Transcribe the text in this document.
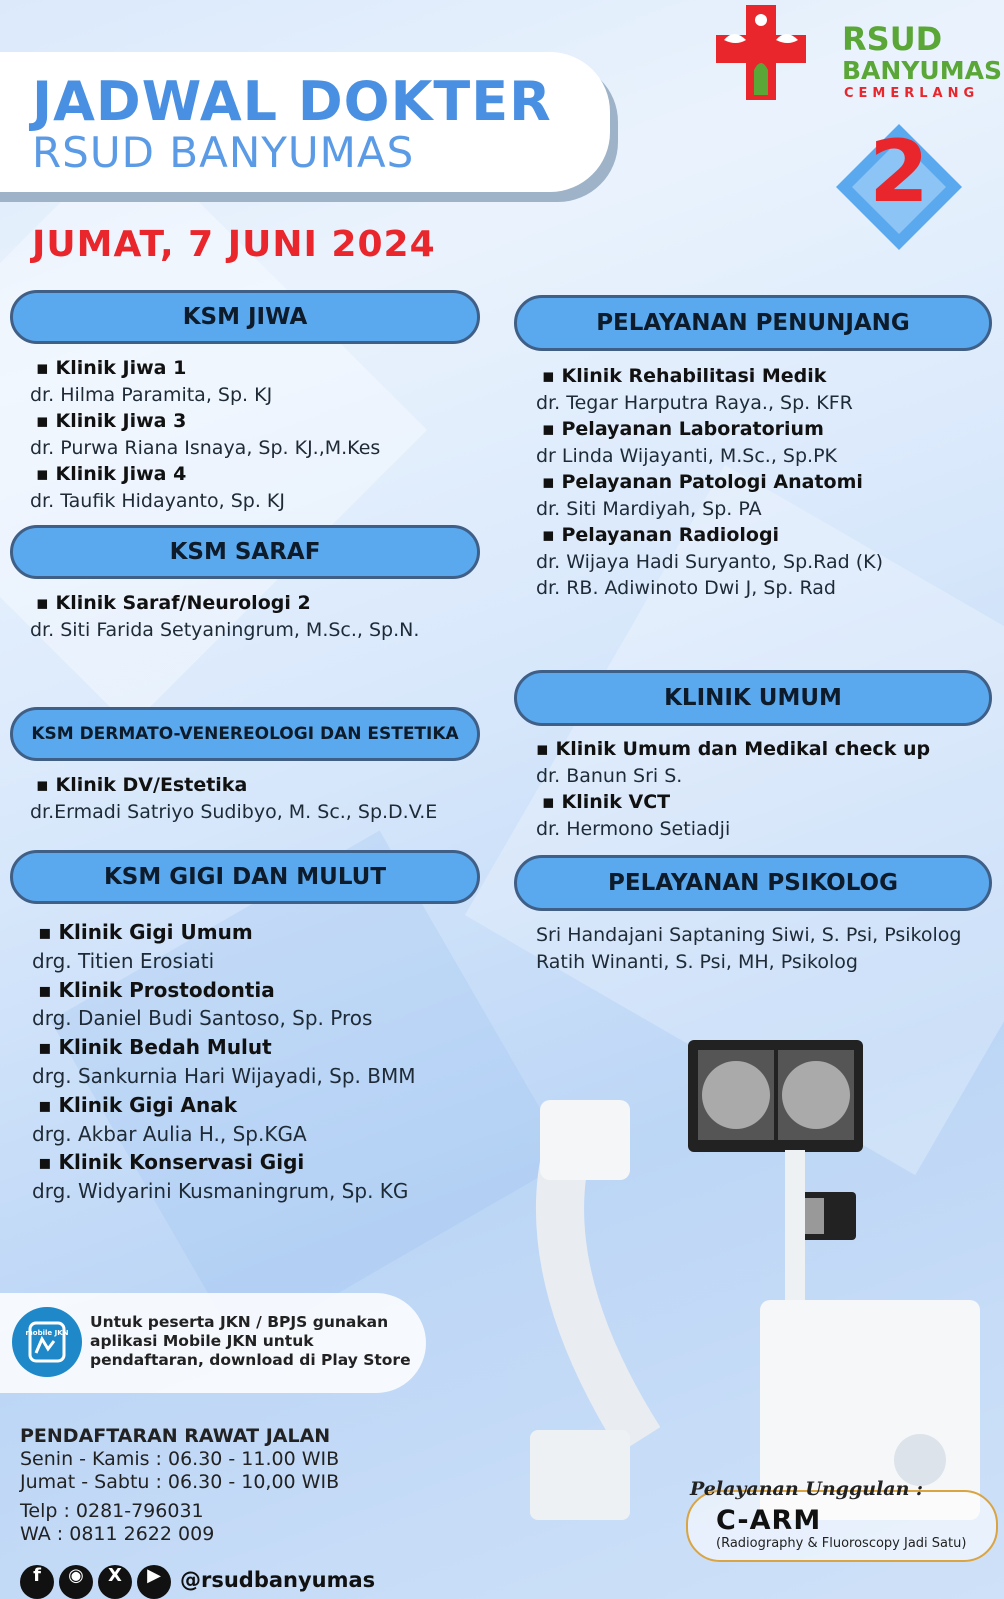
JADWAL DOKTER
RSUD BANYUMAS
JUMAT, 7 JUNI 2024
RSUD
BANYUMAS
CEMERLANG
2
KSM JIWA
▪ Klinik Jiwa 1
dr. Hilma Paramita, Sp. KJ
▪ Klinik Jiwa 3
dr. Purwa Riana Isnaya, Sp. KJ.,M.Kes
▪ Klinik Jiwa 4
dr. Taufik Hidayanto, Sp. KJ
KSM SARAF
▪ Klinik Saraf/Neurologi 2
dr. Siti Farida Setyaningrum, M.Sc., Sp.N.
KSM DERMATO-VENEREOLOGI DAN ESTETIKA
▪ Klinik DV/Estetika
dr.Ermadi Satriyo Sudibyo, M. Sc., Sp.D.V.E
KSM GIGI DAN MULUT
▪ Klinik Gigi Umum
drg. Titien Erosiati
▪ Klinik Prostodontia
drg. Daniel Budi Santoso, Sp. Pros
▪ Klinik Bedah Mulut
drg. Sankurnia Hari Wijayadi, Sp. BMM
▪ Klinik Gigi Anak
drg. Akbar Aulia H., Sp.KGA
▪ Klinik Konservasi Gigi
drg. Widyarini Kusmaningrum, Sp. KG
PELAYANAN PENUNJANG
▪ Klinik Rehabilitasi Medik
dr. Tegar Harputra Raya., Sp. KFR
▪ Pelayanan Laboratorium
dr Linda Wijayanti, M.Sc., Sp.PK
▪ Pelayanan Patologi Anatomi
dr. Siti Mardiyah, Sp. PA
▪ Pelayanan Radiologi
dr. Wijaya Hadi Suryanto, Sp.Rad (K)
dr. RB. Adiwinoto Dwi J, Sp. Rad
KLINIK UMUM
▪ Klinik Umum dan Medikal check up
dr. Banun Sri S.
▪ Klinik VCT
dr. Hermono Setiadji
PELAYANAN PSIKOLOG
Sri Handajani Saptaning Siwi, S. Psi, Psikolog
Ratih Winanti, S. Psi, MH, Psikolog
Pelayanan Unggulan :
C-ARM
(Radiography & Fluoroscopy Jadi Satu)
mobile JKN
Untuk peserta JKN / BPJS gunakan aplikasi Mobile JKN untuk pendaftaran, download di Play Store
PENDAFTARAN RAWAT JALAN
Senin - Kamis : 06.30 - 11.00 WIB
Jumat - Sabtu : 06.30 - 10,00 WIB
Telp : 0281-796031
WA : 0811 2622 009
f	◉	X	▶ @rsudbanyumas
